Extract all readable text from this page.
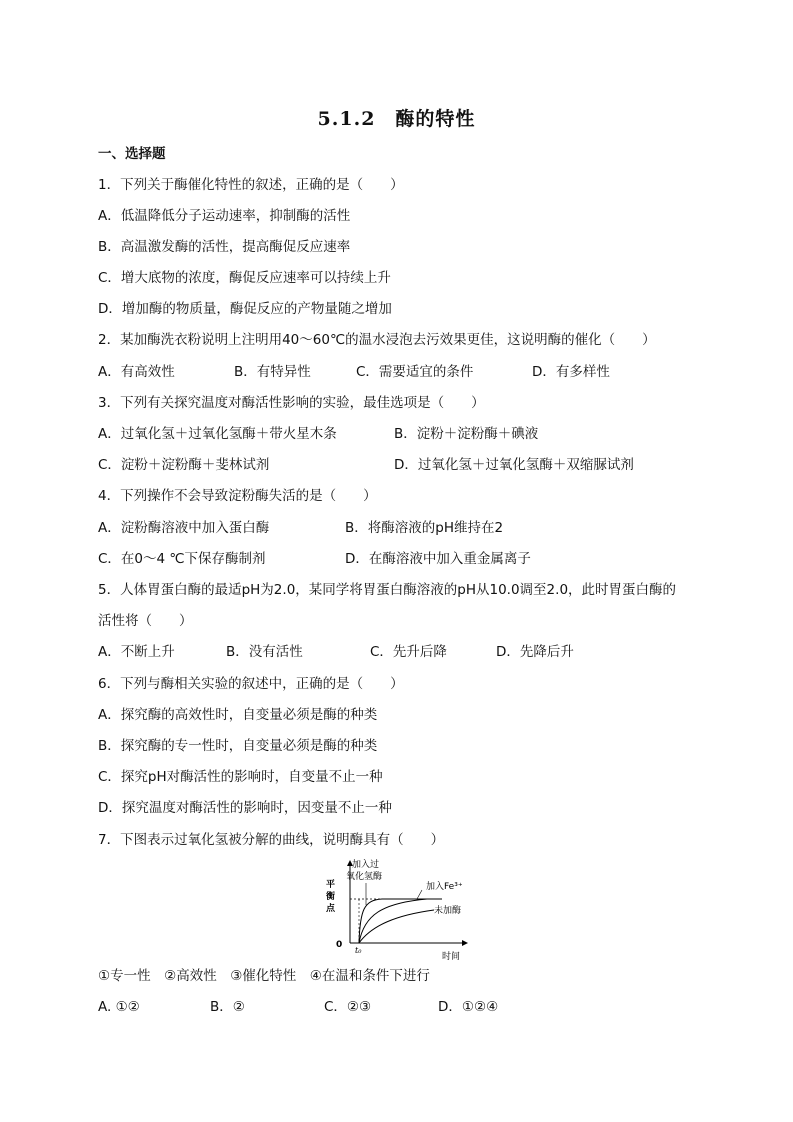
5.1.2　酶的特性
一、选择题
1．下列关于酶催化特性的叙述，正确的是（　　）
A．低温降低分子运动速率，抑制酶的活性
B．高温激发酶的活性，提高酶促反应速率
C．增大底物的浓度，酶促反应速率可以持续上升
D．增加酶的物质量，酶促反应的产物量随之增加
2．某加酶洗衣粉说明上注明用40～60℃的温水浸泡去污效果更佳，这说明酶的催化（　　）
A．有高效性	B．有特异性	C．需要适宜的条件	D．有多样性
3．下列有关探究温度对酶活性影响的实验，最佳选项是（　　）
A．过氧化氢＋过氧化氢酶＋带火星木条	B．淀粉＋淀粉酶＋碘液
C．淀粉＋淀粉酶＋斐林试剂	D．过氧化氢＋过氧化氢酶＋双缩脲试剂
4．下列操作不会导致淀粉酶失活的是（　　）
A．淀粉酶溶液中加入蛋白酶	B．将酶溶液的pH维持在2
C．在0～4 ℃下保存酶制剂	D．在酶溶液中加入重金属离子
5．人体胃蛋白酶的最适pH为2.0，某同学将胃蛋白酶溶液的pH从10.0调至2.0，此时胃蛋白酶的
活性将（　　）
A．不断上升	B．没有活性	C．先升后降	D．先降后升
6．下列与酶相关实验的叙述中，正确的是（　　）
A．探究酶的高效性时，自变量必须是酶的种类
B．探究酶的专一性时，自变量必须是酶的种类
C．探究pH对酶活性的影响时，自变量不止一种
D．探究温度对酶活性的影响时，因变量不止一种
7．下图表示过氧化氢被分解的曲线，说明酶具有（　　）
加入过
氧化氢酶
加入Fe³⁺
未加酶
平
衡
点
0
t₀
时间
①专一性　②高效性　③催化特性　④在温和条件下进行
A. ①②	B．②	C．②③	D．①②④
